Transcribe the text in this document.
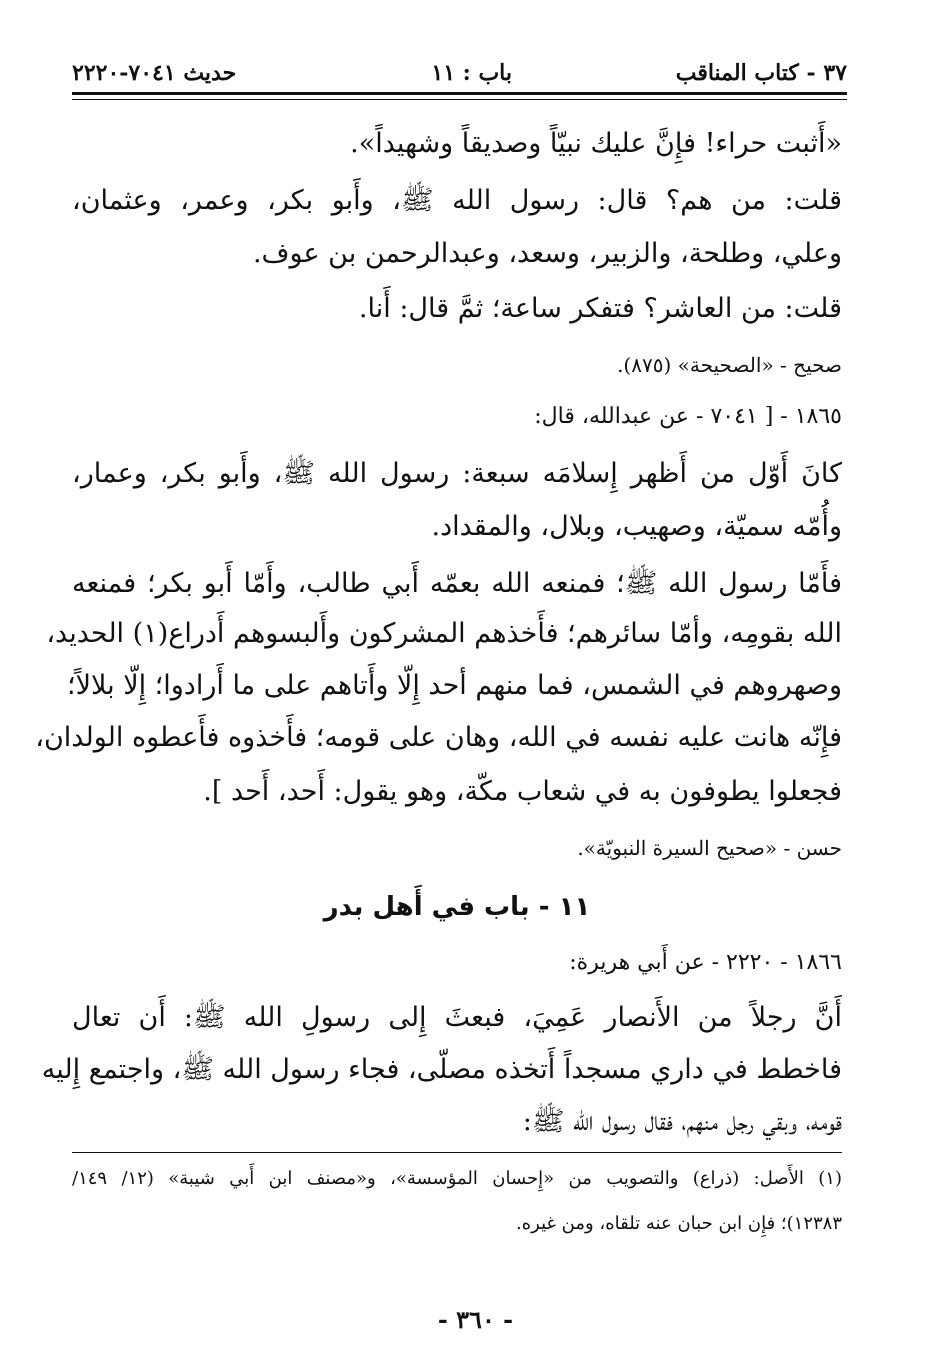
٣٧ - كتاب المناقب
باب : ١١
حديث ٧٠٤١-٢٢٢٠
«أَثبت حراء! فإِنَّ عليك نبيّاً وصديقاً وشهيداً».
قلت: من هم؟ قال: رسول الله ﷺ، وأَبو بكر، وعمر، وعثمان،
وعلي، وطلحة، والزبير، وسعد، وعبدالرحمن بن عوف.
قلت: من العاشر؟ فتفكر ساعة؛ ثمَّ قال: أَنا.
صحيح - «الصحيحة» (٨٧٥).
١٨٦٥ - [ ٧٠٤١ - عن عبدالله، قال:
كانَ أَوّل من أَظهر إِسلامَه سبعة: رسول الله ﷺ، وأَبو بكر، وعمار،
وأُمّه سميّة، وصهيب، وبلال، والمقداد.
فأَمّا رسول الله ﷺ؛ فمنعه الله بعمّه أَبي طالب، وأَمّا أَبو بكر؛ فمنعه
الله بقومِه، وأمّا سائرهم؛ فأَخذهم المشركون وأَلبسوهم أَدراع(١) الحديد،
وصهروهم في الشمس، فما منهم أحد إِلّا وأَتاهم على ما أَرادوا؛ إِلّا بلالاً؛
فإِنّه هانت عليه نفسه في الله، وهان على قومه؛ فأَخذوه فأَعطوه الولدان،
فجعلوا يطوفون به في شعاب مكّة، وهو يقول: أَحد، أَحد ].
حسن - «صحيح السيرة النبويّة».
١١ - باب في أَهل بدر
١٨٦٦ - ٢٢٢٠ - عن أَبي هريرة:
أَنَّ رجلاً من الأَنصار عَمِيَ، فبعثَ إِلى رسولِ الله ﷺ: أَن تعال
فاخطط في داري مسجداً أَتخذه مصلّى، فجاء رسول الله ﷺ، واجتمع إِليه
قومه، وبقي رجل منهم، فقال رسول الله ﷺ:
(١) الأَصل: (ذراع) والتصويب من «إِحسان المؤسسة»، و«مصنف ابن أَبي شيبة» (١٢/ ١٤٩/
١٢٣٨٣)؛ فإِن ابن حبان عنه تلقاه، ومن غيره.
- ٣٦٠ -
